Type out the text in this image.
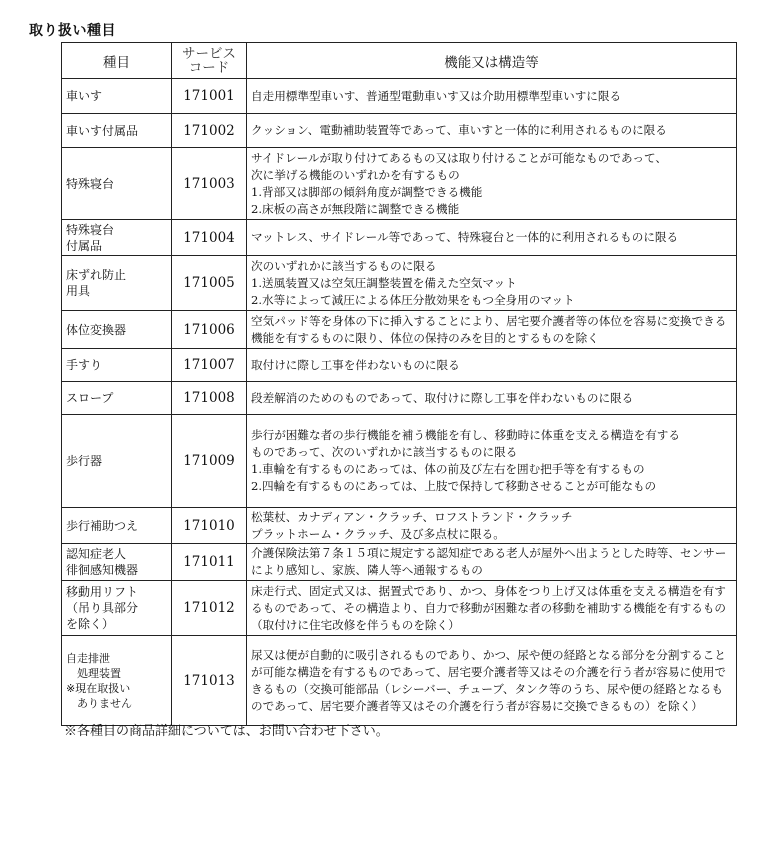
取り扱い種目
種目	サービス
コード	機能又は構造等
車いす	171001	自走用標準型車いす、普通型電動車いす又は介助用標準型車いすに限る
車いす付属品	171002	クッション、電動補助装置等であって、車いすと一体的に利用されるものに限る
特殊寝台	171003	サイドレールが取り付けてあるもの又は取り付けることが可能なものであって、
次に挙げる機能のいずれかを有するもの
1.背部又は脚部の傾斜角度が調整できる機能
2.床板の高さが無段階に調整できる機能
特殊寝台
付属品	171004	マットレス、サイドレール等であって、特殊寝台と一体的に利用されるものに限る
床ずれ防止
用具	171005	次のいずれかに該当するものに限る
1.送風装置又は空気圧調整装置を備えた空気マット
2.水等によって減圧による体圧分散効果をもつ全身用のマット
体位変換器	171006	空気パッド等を身体の下に挿入することにより、居宅要介護者等の体位を容易に変換できる機能を有するものに限り、体位の保持のみを目的とするものを除く
手すり	171007	取付けに際し工事を伴わないものに限る
スロープ	171008	段差解消のためのものであって、取付けに際し工事を伴わないものに限る
歩行器	171009	歩行が困難な者の歩行機能を補う機能を有し、移動時に体重を支える構造を有する
ものであって、次のいずれかに該当するものに限る
1.車輪を有するものにあっては、体の前及び左右を囲む把手等を有するもの
2.四輪を有するものにあっては、上肢で保持して移動させることが可能なもの
歩行補助つえ	171010	松葉杖、カナディアン・クラッチ、ロフストランド・クラッチ
プラットホーム・クラッチ、及び多点杖に限る。
認知症老人
徘徊感知機器	171011	介護保険法第７条１５項に規定する認知症である老人が屋外へ出ようとした時等、センサーにより感知し、家族、隣人等へ通報するもの
移動用リフト
（吊り具部分
を除く）	171012	床走行式、固定式又は、据置式であり、かつ、身体をつり上げ又は体重を支える構造を有するものであって、その構造より、自力で移動が困難な者の移動を補助する機能を有するもの（取付けに住宅改修を伴うものを除く）
自走排泄
　処理装置
※現在取扱い
　ありません	171013	尿又は便が自動的に吸引されるものであり、かつ、尿や便の経路となる部分を分割することが可能な構造を有するものであって、居宅要介護者等又はその介護を行う者が容易に使用できるもの（交換可能部品（レシーバー、チューブ、タンク等のうち、尿や便の経路となるものであって、居宅要介護者等又はその介護を行う者が容易に交換できるもの）を除く）
※各種目の商品詳細については、お問い合わせ下さい。
